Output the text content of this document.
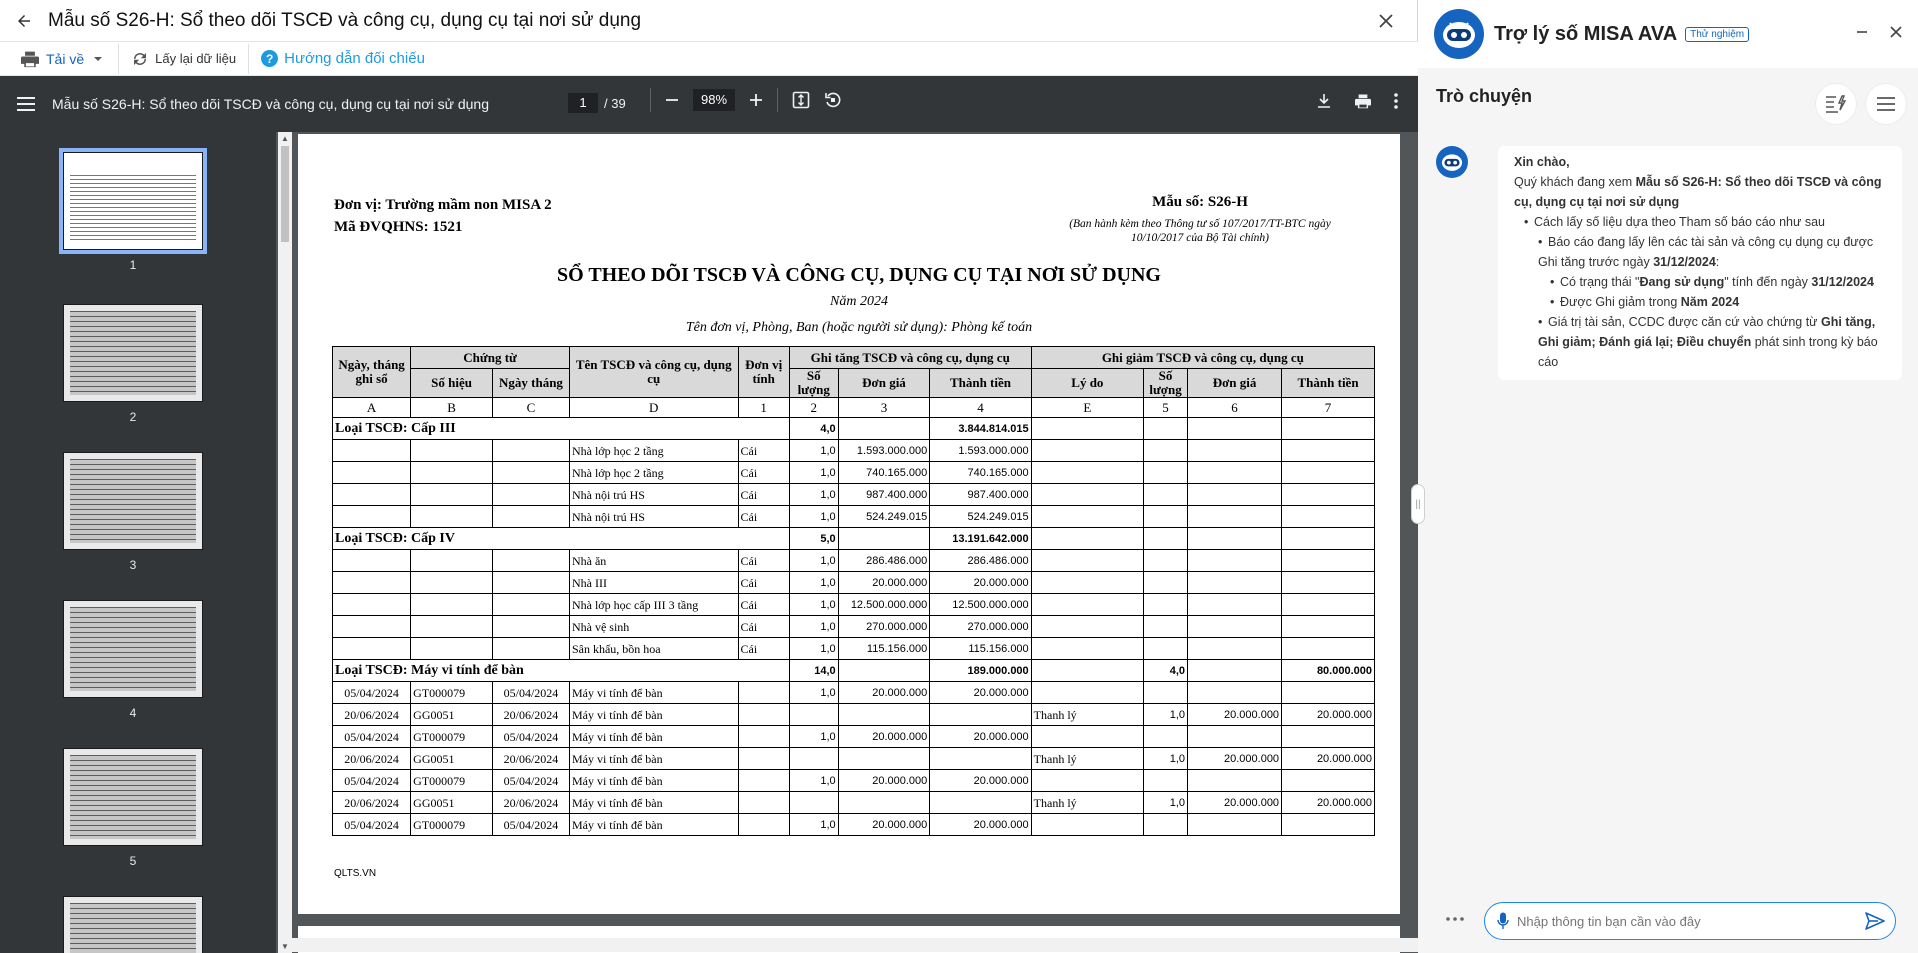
Mẫu số S26-H: Sổ theo dõi TSCĐ và công cụ, dụng cụ tại nơi sử dụng
Tải về	Lấy lại dữ liệu	? Hướng dẫn đối chiếu
Mẫu số S26-H: Sổ theo dõi TSCĐ và công cụ, dụng cụ tại nơi sử dụng	1	/ 39	98%
1
2
3
4
5
▲
▼
Đơn vị: Trường mầm non MISA 2
Mã ĐVQHNS: 1521
Mẫu số: S26-H
(Ban hành kèm theo Thông tư số 107/2017/TT-BTC ngày
10/10/2017 của Bộ Tài chính)
SỔ THEO DÕI TSCĐ VÀ CÔNG CỤ, DỤNG CỤ TẠI NƠI SỬ DỤNG
Năm 2024
Tên đơn vị, Phòng, Ban (hoặc người sử dụng): Phòng kế toán
Ngày, tháng ghi sổ	Chứng từ		Tên TSCĐ và công cụ, dụng cụ	Đơn vị tính	Ghi tăng TSCĐ và công cụ, dụng cụ			Ghi giảm TSCĐ và công cụ, dụng cụ			
	Số hiệu	Ngày tháng			Số lượng	Đơn giá	Thành tiền	Lý do	Số lượng	Đơn giá	Thành tiền
A	B	C	D	1	2	3	4	E	5	6	7
Loại TSCĐ: Cấp III					4,0		3.844.814.015				
			Nhà lớp học 2 tầng	Cái	1,0	1.593.000.000	1.593.000.000				
			Nhà lớp học 2 tầng	Cái	1,0	740.165.000	740.165.000				
			Nhà nội trú HS	Cái	1,0	987.400.000	987.400.000				
			Nhà nội trú HS	Cái	1,0	524.249.015	524.249.015				
Loại TSCĐ: Cấp IV					5,0		13.191.642.000				
			Nhà ăn	Cái	1,0	286.486.000	286.486.000				
			Nhà III	Cái	1,0	20.000.000	20.000.000				
			Nhà lớp học cấp III 3 tầng	Cái	1,0	12.500.000.000	12.500.000.000				
			Nhà vệ sinh	Cái	1,0	270.000.000	270.000.000				
			Sân khấu, bồn hoa	Cái	1,0	115.156.000	115.156.000				
Loại TSCĐ: Máy vi tính để bàn					14,0		189.000.000		4,0		80.000.000
05/04/2024	GT000079	05/04/2024	Máy vi tính để bàn		1,0	20.000.000	20.000.000				
20/06/2024	GG0051	20/06/2024	Máy vi tính để bàn					Thanh lý	1,0	20.000.000	20.000.000
05/04/2024	GT000079	05/04/2024	Máy vi tính để bàn		1,0	20.000.000	20.000.000				
20/06/2024	GG0051	20/06/2024	Máy vi tính để bàn					Thanh lý	1,0	20.000.000	20.000.000
05/04/2024	GT000079	05/04/2024	Máy vi tính để bàn		1,0	20.000.000	20.000.000				
20/06/2024	GG0051	20/06/2024	Máy vi tính để bàn					Thanh lý	1,0	20.000.000	20.000.000
05/04/2024	GT000079	05/04/2024	Máy vi tính để bàn		1,0	20.000.000	20.000.000				
QLTS.VN
||
Trợ lý số MISA AVA	Thử nghiệm
Trò chuyện
Xin chào,
Quý khách đang xem Mẫu số S26-H: Sổ theo dõi TSCĐ và công cụ, dụng cụ tại nơi sử dụng
• Cách lấy số liệu dựa theo Tham số báo cáo như sau
• Báo cáo đang lấy lên các tài sản và công cụ dụng cụ được Ghi tăng trước ngày 31/12/2024:
• Có trạng thái "Đang sử dụng" tính đến ngày 31/12/2024
• Được Ghi giảm trong Năm 2024
• Giá trị tài sản, CCDC được căn cứ vào chứng từ Ghi tăng, Ghi giảm; Đánh giá lại; Điều chuyển phát sinh trong kỳ báo cáo
Nhập thông tin bạn cần vào đây
